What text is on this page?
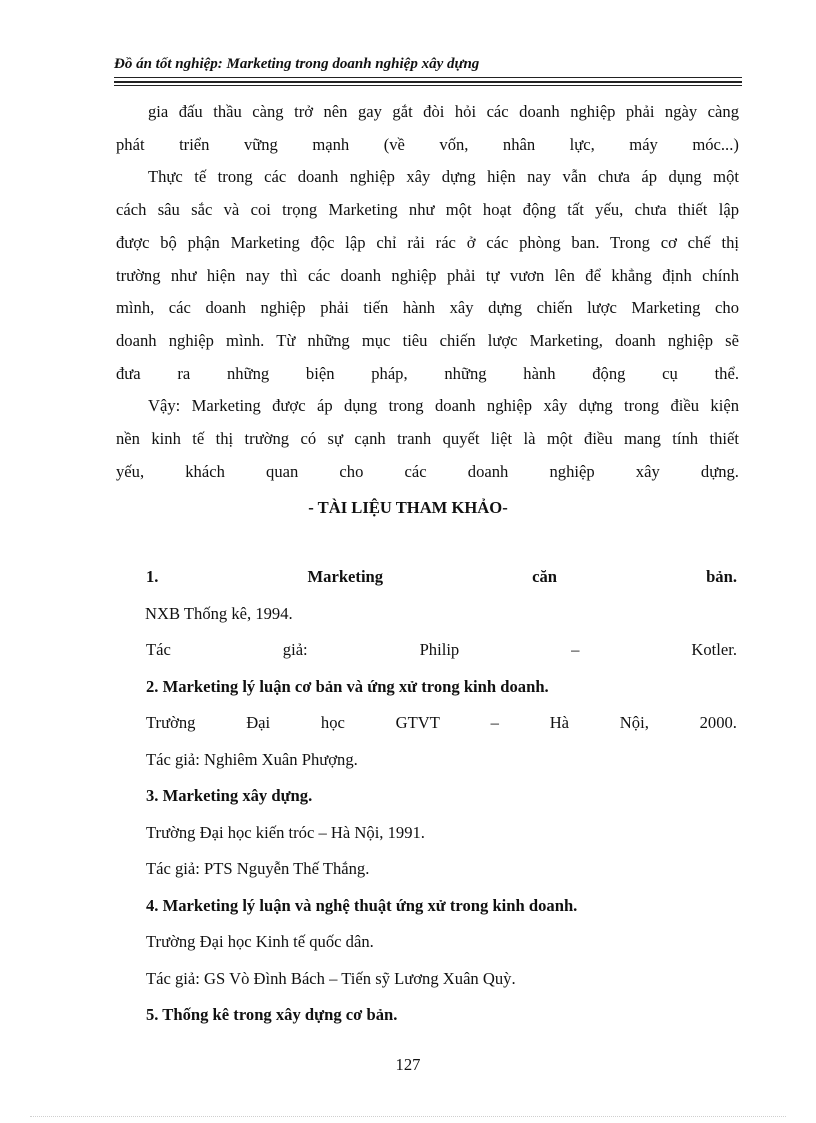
Đồ án tốt nghiệp: Marketing trong doanh nghiệp xây dựng
gia đấu thầu càng trở nên gay gắt đòi hỏi các doanh nghiệp phải ngày càng
phát triển vững mạnh (về vốn, nhân lực, máy móc...)
Thực tế trong các doanh nghiệp xây dựng hiện nay vẫn chưa áp dụng một
cách sâu sắc và coi trọng Marketing như một hoạt động tất yếu, chưa thiết lập
được bộ phận Marketing độc lập chỉ rải rác ở các phòng ban. Trong cơ chế thị
trường như hiện nay thì các doanh nghiệp phải tự vươn lên để khẳng định chính
mình, các doanh nghiệp phải tiến hành xây dựng chiến lược Marketing cho
doanh nghiệp mình. Từ những mục tiêu chiến lược Marketing, doanh nghiệp sẽ
đưa ra những biện pháp, những hành động cụ thể.
Vậy: Marketing được áp dụng trong doanh nghiệp xây dựng trong điều kiện
nền kinh tế thị trường có sự cạnh tranh quyết liệt là một điều mang tính thiết
yếu, khách quan cho các doanh nghiệp xây dựng.
- TÀI LIỆU THAM KHẢO-
1.	Marketing	căn	bản.
NXB Thống kê, 1994.
Tác	giả:	Philip	–	Kotler.
2. Marketing lý luận cơ bản và ứng xử trong kinh doanh.
Trường	Đại	học	GTVT	–	Hà	Nội,	2000.
Tác giả: Nghiêm Xuân Phượng.
3. Marketing xây dựng.
Trường Đại học kiến tróc – Hà Nội, 1991.
Tác giả: PTS Nguyễn Thế Thắng.
4. Marketing lý luận và nghệ thuật ứng xử trong kinh doanh.
Trường Đại học Kinh tế quốc dân.
Tác giả: GS Vò Đình Bách – Tiến sỹ Lương Xuân Quỳ.
5. Thống kê trong xây dựng cơ bản.
127
